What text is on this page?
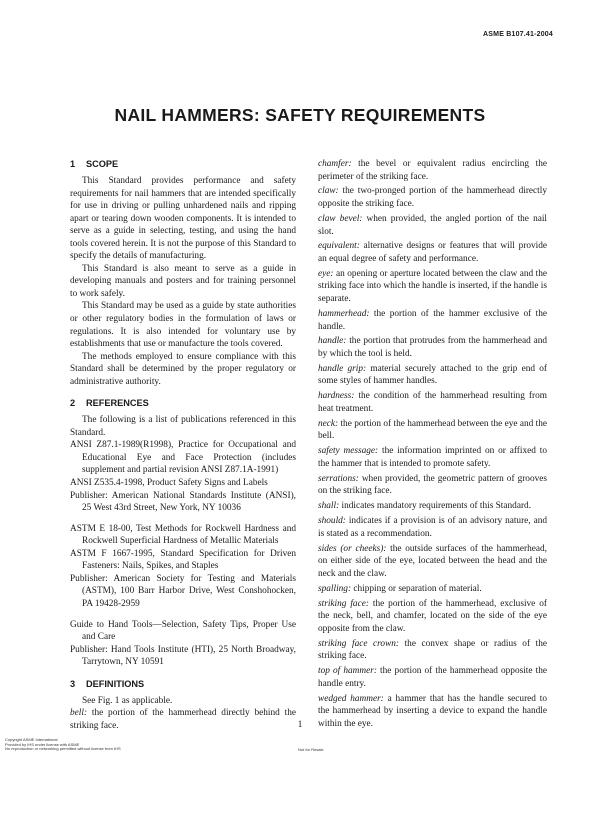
ASME B107.41-2004
NAIL HAMMERS: SAFETY REQUIREMENTS
1 SCOPE

This Standard provides performance and safety requirements for nail hammers that are intended specifically for use in driving or pulling unhardened nails and ripping apart or tearing down wooden components. It is intended to serve as a guide in selecting, testing, and using the hand tools covered herein. It is not the purpose of this Standard to specify the details of manufacturing.

This Standard is also meant to serve as a guide in developing manuals and posters and for training personnel to work safely.

This Standard may be used as a guide by state authorities or other regulatory bodies in the formulation of laws or regulations. It is also intended for voluntary use by establishments that use or manufacture the tools covered.

The methods employed to ensure compliance with this Standard shall be determined by the proper regulatory or administrative authority.

2 REFERENCES

The following is a list of publications referenced in this Standard.

ANSI Z87.1-1989(R1998), Practice for Occupational and Educational Eye and Face Protection (includes supplement and partial revision ANSI Z87.1A-1991)
ANSI Z535.4-1998, Product Safety Signs and Labels
Publisher: American National Standards Institute (ANSI), 25 West 43rd Street, New York, NY 10036
ASTM E 18-00, Test Methods for Rockwell Hardness and Rockwell Superficial Hardness of Metallic Materials
ASTM F 1667-1995, Standard Specification for Driven Fasteners: Nails, Spikes, and Staples
Publisher: American Society for Testing and Materials (ASTM), 100 Barr Harbor Drive, West Conshohocken, PA 19428-2959
Guide to Hand Tools—Selection, Safety Tips, Proper Use and Care
Publisher: Hand Tools Institute (HTI), 25 North Broadway, Tarrytown, NY 10591
3 DEFINITIONS

See Fig. 1 as applicable.

bell: the portion of the hammerhead directly behind the striking face.
chamfer: the bevel or equivalent radius encircling the perimeter of the striking face.
claw: the two-pronged portion of the hammerhead directly opposite the striking face.
claw bevel: when provided, the angled portion of the nail slot.
equivalent: alternative designs or features that will provide an equal degree of safety and performance.
eye: an opening or aperture located between the claw and the striking face into which the handle is inserted, if the handle is separate.
hammerhead: the portion of the hammer exclusive of the handle.
handle: the portion that protrudes from the hammerhead and by which the tool is held.
handle grip: material securely attached to the grip end of some styles of hammer handles.
hardness: the condition of the hammerhead resulting from heat treatment.
neck: the portion of the hammerhead between the eye and the bell.
safety message: the information imprinted on or affixed to the hammer that is intended to promote safety.
serrations: when provided, the geometric pattern of grooves on the striking face.
shall: indicates mandatory requirements of this Standard.
should: indicates if a provision is of an advisory nature, and is stated as a recommendation.
sides (or cheeks): the outside surfaces of the hammerhead, on either side of the eye, located between the head and the neck and the claw.
spalling: chipping or separation of material.
striking face: the portion of the hammerhead, exclusive of the neck, bell, and chamfer, located on the side of the eye opposite from the claw.
striking face crown: the convex shape or radius of the striking face.
top of hammer: the portion of the hammerhead opposite the handle entry.
wedged hammer: a hammer that has the handle secured to the hammerhead by inserting a device to expand the handle within the eye.
1
Copyright ASME International
Provided by IHS under license with ASME
No reproduction or networking permitted without license from IHS	Not for Resale
